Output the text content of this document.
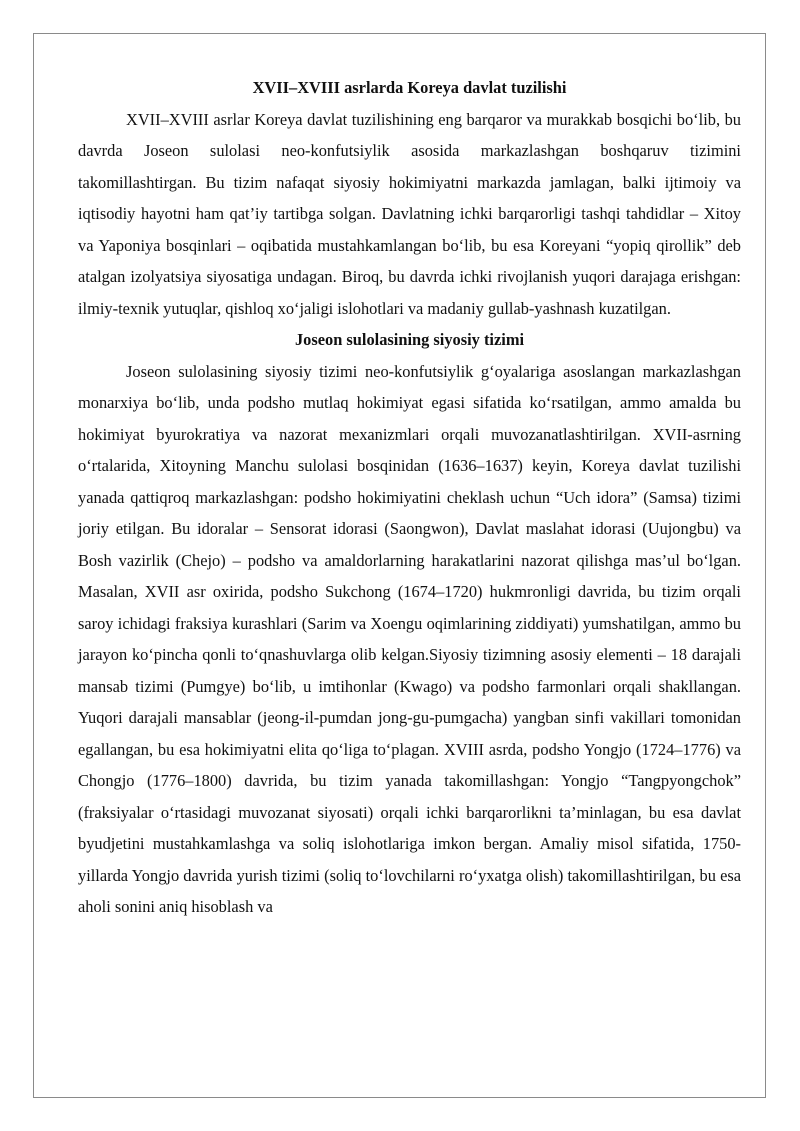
XVII–XVIII asrlarda Koreya davlat tuzilishi

XVII–XVIII asrlar Koreya davlat tuzilishining eng barqaror va murakkab bosqichi bo‘lib, bu davrda Joseon sulolasi neo-konfutsiylik asosida markazlashgan boshqaruv tizimini takomillashtirgan. Bu tizim nafaqat siyosiy hokimiyatni markazda jamlagan, balki ijtimoiy va iqtisodiy hayotni ham qat’iy tartibga solgan. Davlatning ichki barqarorligi tashqi tahdidlar – Xitoy va Yaponiya bosqinlari – oqibatida mustahkamlangan bo‘lib, bu esa Koreyani “yopiq qirollik” deb atalgan izolyatsiya siyosatiga undagan. Biroq, bu davrda ichki rivojlanish yuqori darajaga erishgan: ilmiy-texnik yutuqlar, qishloq xo‘jaligi islohotlari va madaniy gullab-yashnash kuzatilgan.

Joseon sulolasining siyosiy tizimi

Joseon sulolasining siyosiy tizimi neo-konfutsiylik g‘oyalariga asoslangan markazlashgan monarxiya bo‘lib, unda podsho mutlaq hokimiyat egasi sifatida ko‘rsatilgan, ammo amalda bu hokimiyat byurokratiya va nazorat mexanizmlari orqali muvozanatlashtirilgan. XVII-asrning o‘rtalarida, Xitoyning Manchu sulolasi bosqinidan (1636–1637) keyin, Koreya davlat tuzilishi yanada qattiqroq markazlashgan: podsho hokimiyatini cheklash uchun “Uch idora” (Samsa) tizimi joriy etilgan. Bu idoralar – Sensorat idorasi (Saongwon), Davlat maslahat idorasi (Uujongbu) va Bosh vazirlik (Chejo) – podsho va amaldorlarning harakatlarini nazorat qilishga mas’ul bo‘lgan. Masalan, XVII asr oxirida, podsho Sukchong (1674–1720) hukmronligi davrida, bu tizim orqali saroy ichidagi fraksiya kurashlari (Sarim va Xoengu oqimlarining ziddiyati) yumshatilgan, ammo bu jarayon ko‘pincha qonli to‘qnashuvlarga olib kelgan.Siyosiy tizimning asosiy elementi – 18 darajali mansab tizimi (Pumgye) bo‘lib, u imtihonlar (Kwago) va podsho farmonlari orqali shakllangan. Yuqori darajali mansablar (jeong-il-pumdan jong-gu-pumgacha) yangban sinfi vakillari tomonidan egallangan, bu esa hokimiyatni elita qo‘liga to‘plagan. XVIII asrda, podsho Yongjo (1724–1776) va Chongjo (1776–1800) davrida, bu tizim yanada takomillashgan: Yongjo “Tangpyongchok” (fraksiyalar o‘rtasidagi muvozanat siyosati) orqali ichki barqarorlikni ta’minlagan, bu esa davlat byudjetini mustahkamlashga va soliq islohotlariga imkon bergan. Amaliy misol sifatida, 1750-yillarda Yongjo davrida yurish tizimi (soliq to‘lovchilarni ro‘yxatga olish) takomillashtirilgan, bu esa aholi sonini aniq hisoblash va
